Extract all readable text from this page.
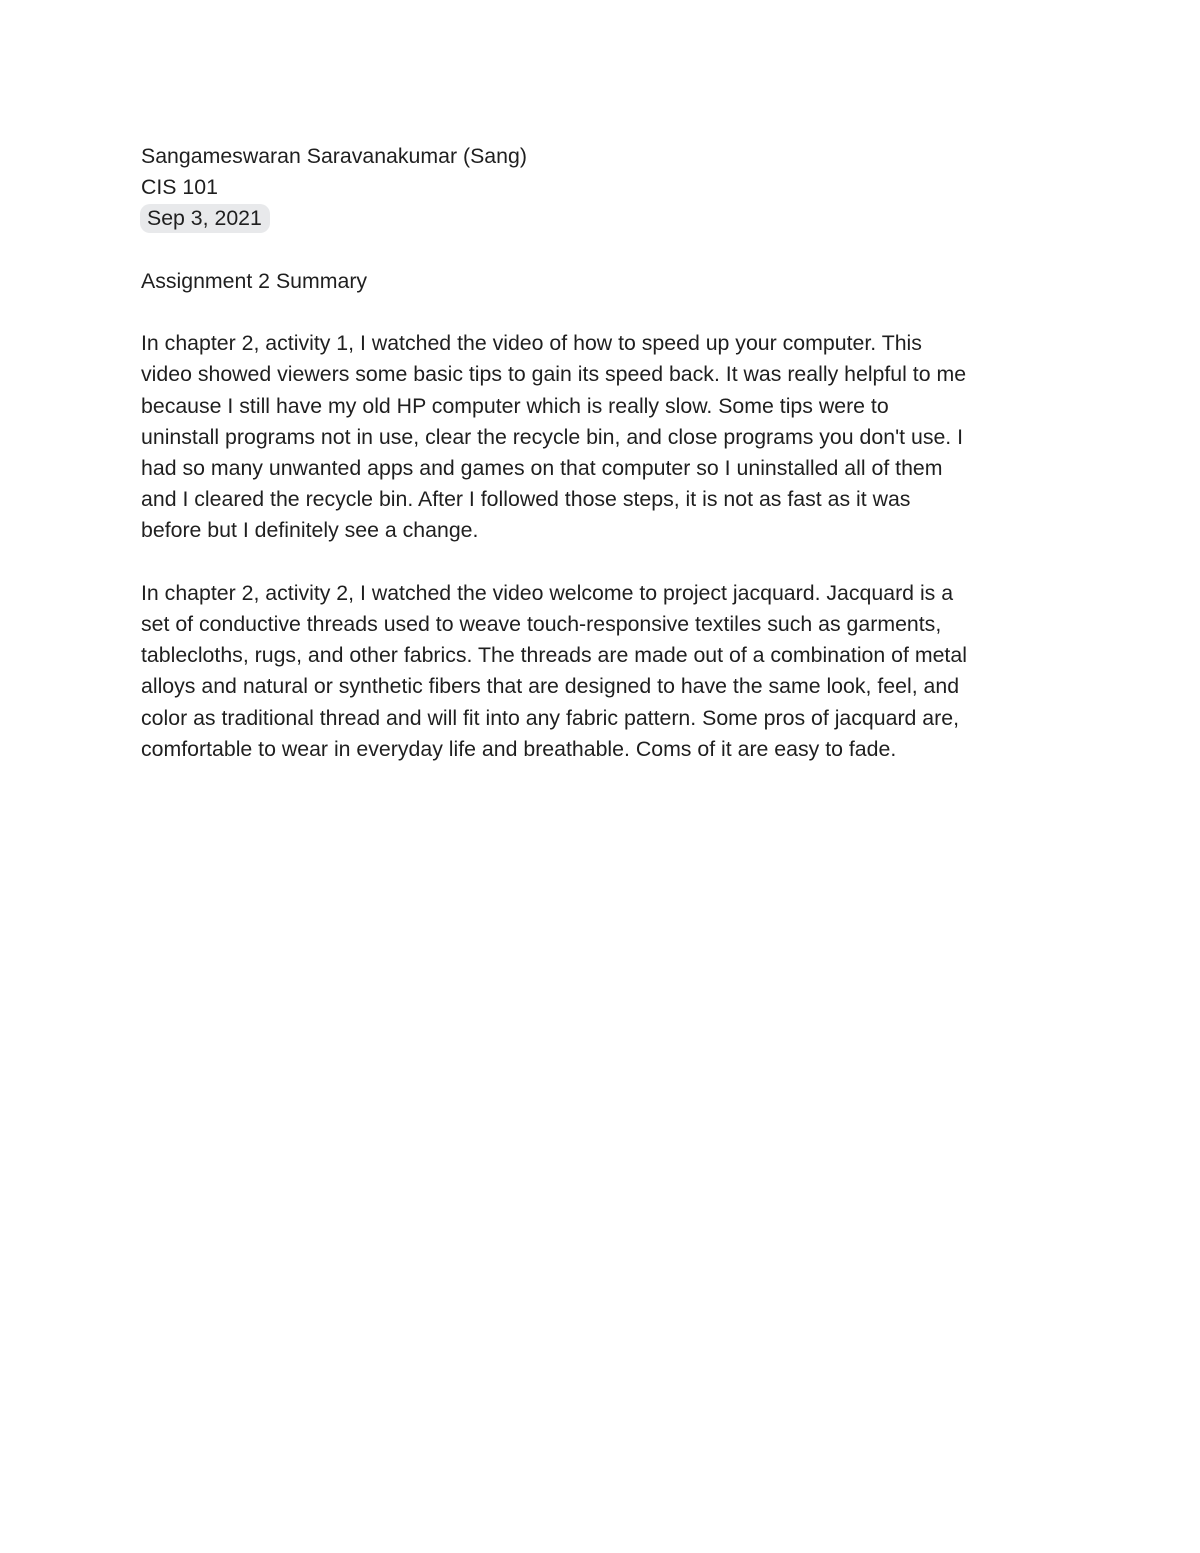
Sangameswaran Saravanakumar (Sang)
CIS 101
Sep 3, 2021
Assignment 2 Summary
In chapter 2, activity 1, I watched the video of how to speed up your computer. This
video showed viewers some basic tips to gain its speed back. It was really helpful to me
because I still have my old HP computer which is really slow. Some tips were to
uninstall programs not in use, clear the recycle bin, and close programs you don't use. I
had so many unwanted apps and games on that computer so I uninstalled all of them
and I cleared the recycle bin. After I followed those steps, it is not as fast as it was
before but I definitely see a change.
In chapter 2, activity 2, I watched the video welcome to project jacquard. Jacquard is a
set of conductive threads used to weave touch-responsive textiles such as garments,
tablecloths, rugs, and other fabrics. The threads are made out of a combination of metal
alloys and natural or synthetic fibers that are designed to have the same look, feel, and
color as traditional thread and will fit into any fabric pattern. Some pros of jacquard are,
comfortable to wear in everyday life and breathable. Coms of it are easy to fade.
